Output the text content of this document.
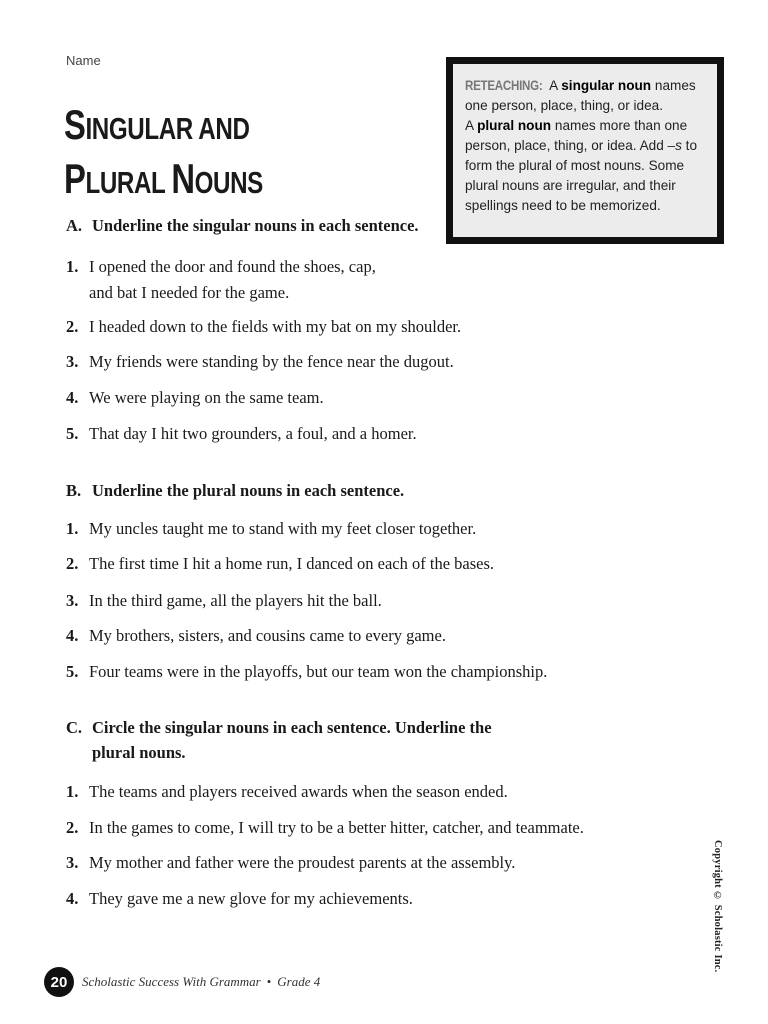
Name
SINGULAR AND
PLURAL NOUNS
RETEACHING: A singular noun names one person, place, thing, or idea.
A plural noun names more than one person, place, thing, or idea. Add –s to form the plural of most nouns. Some plural nouns are irregular, and their spellings need to be memorized.
A. Underline the singular nouns in each sentence.
1. I opened the door and found the shoes, cap,
and bat I needed for the game.
2. I headed down to the fields with my bat on my shoulder.
3. My friends were standing by the fence near the dugout.
4. We were playing on the same team.
5. That day I hit two grounders, a foul, and a homer.
B. Underline the plural nouns in each sentence.
1. My uncles taught me to stand with my feet closer together.
2. The first time I hit a home run, I danced on each of the bases.
3. In the third game, all the players hit the ball.
4. My brothers, sisters, and cousins came to every game.
5. Four teams were in the playoffs, but our team won the championship.
C. Circle the singular nouns in each sentence. Underline the
plural nouns.
1. The teams and players received awards when the season ended.
2. In the games to come, I will try to be a better hitter, catcher, and teammate.
3. My mother and father were the proudest parents at the assembly.
4. They gave me a new glove for my achievements.	Copyright © Scholastic Inc.
20	Scholastic Success With Grammar • Grade 4
